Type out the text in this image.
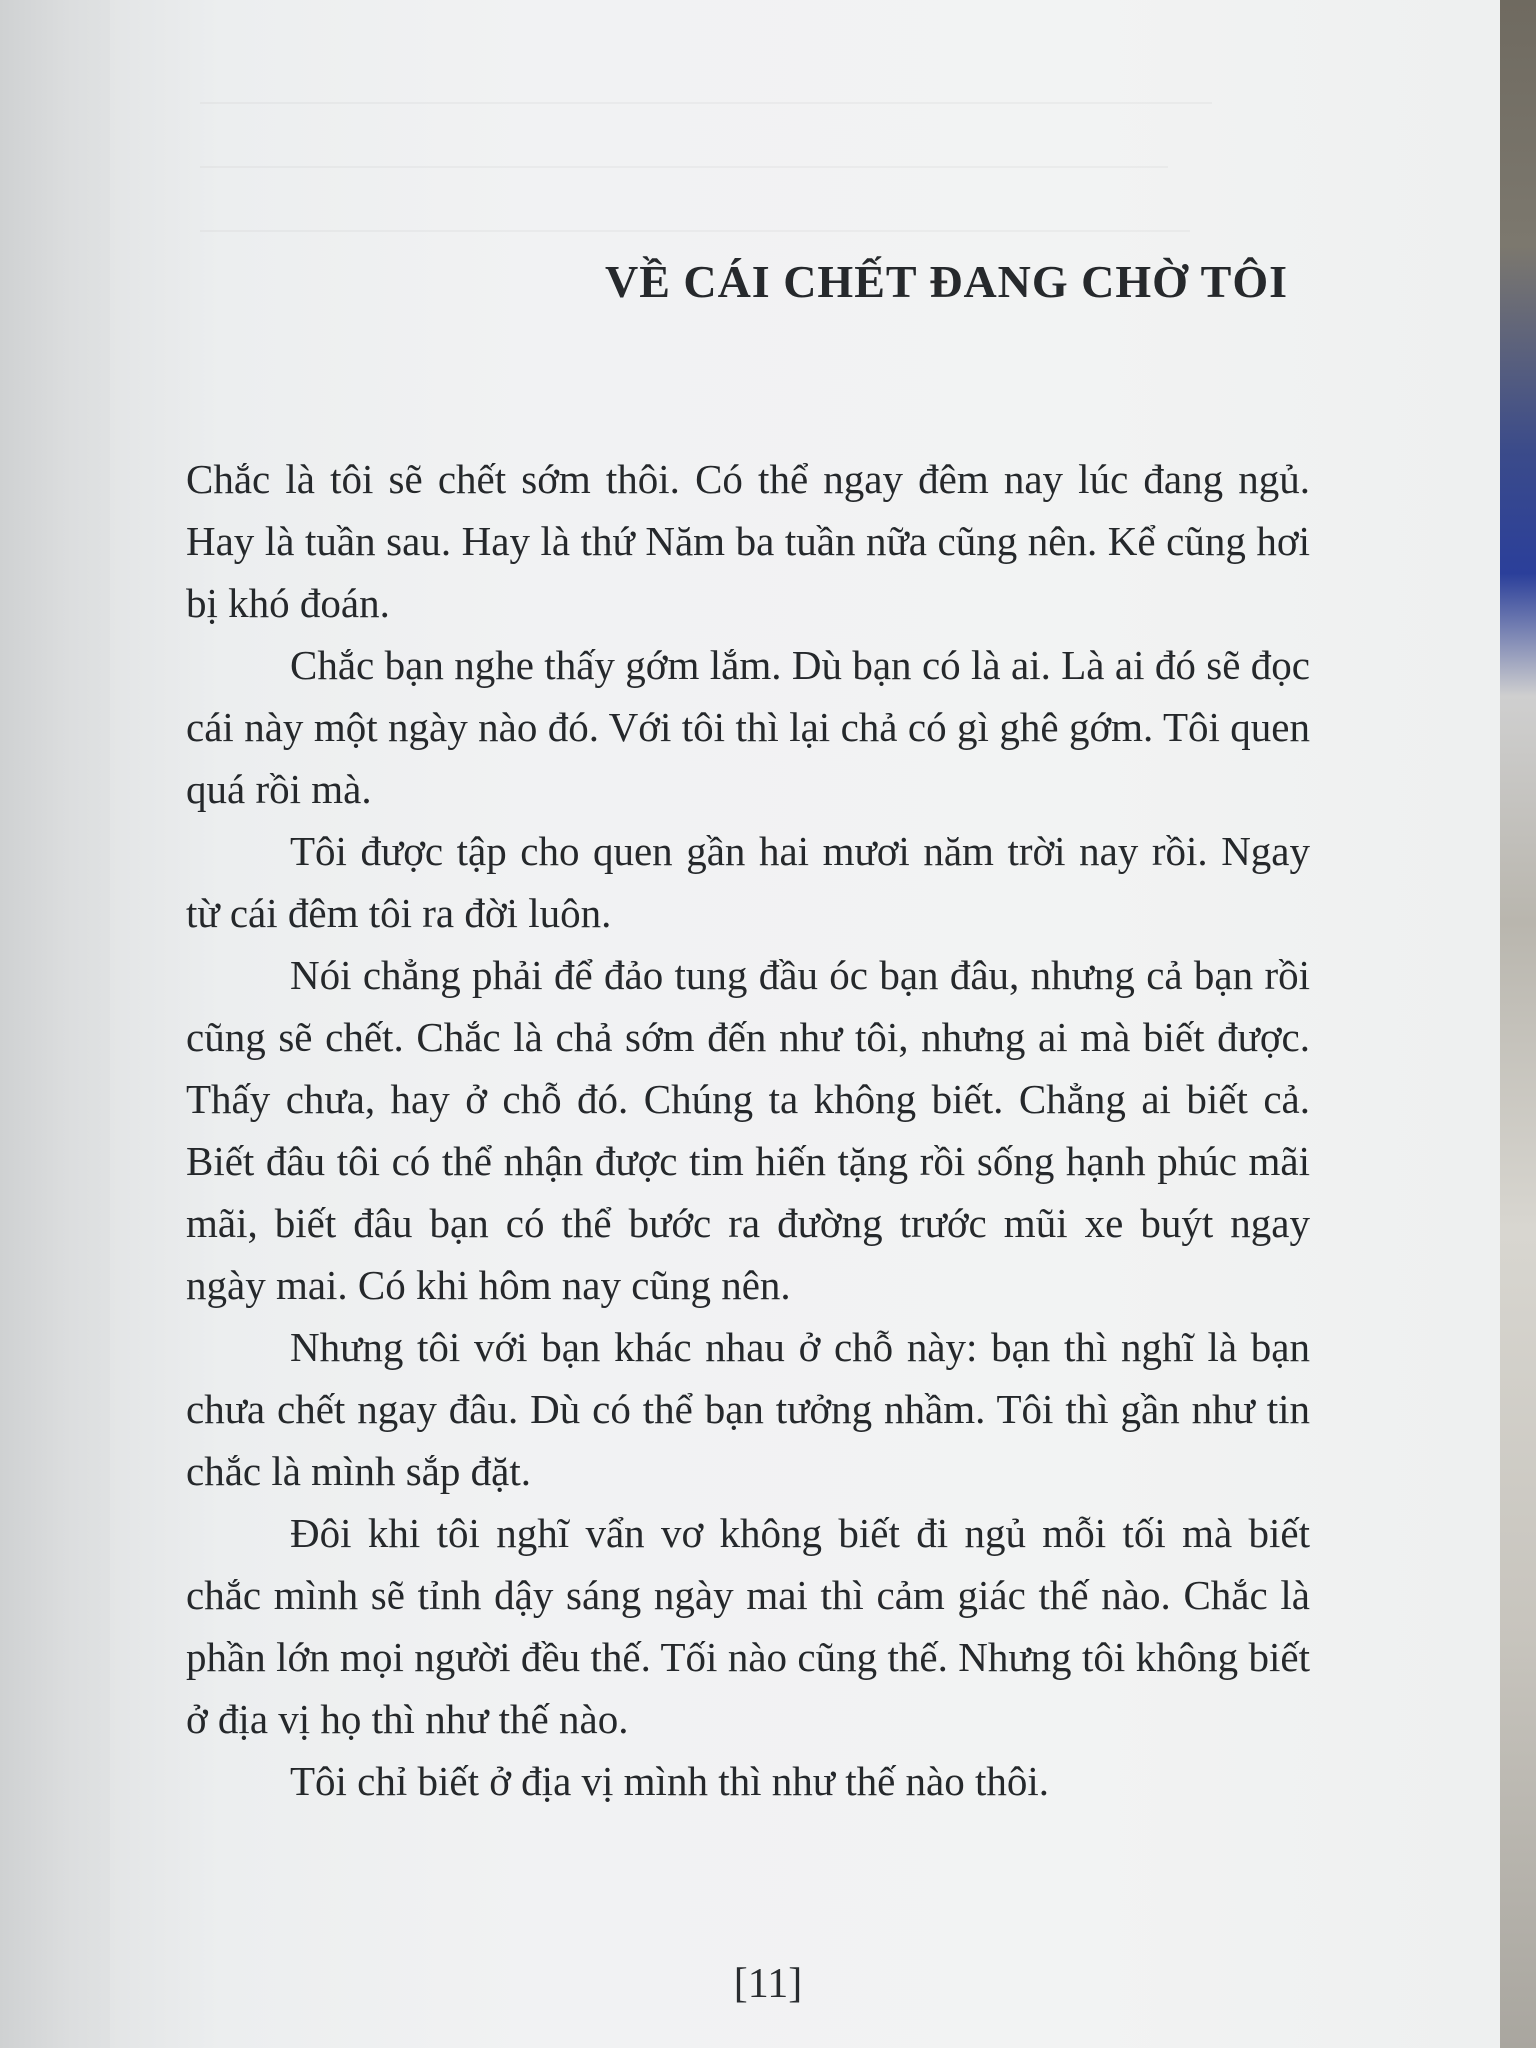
VỀ CÁI CHẾT ĐANG CHỜ TÔI

Chắc là tôi sẽ chết sớm thôi. Có thể ngay đêm nay lúc đang ngủ. Hay là tuần sau. Hay là thứ Năm ba tuần nữa cũng nên. Kể cũng hơi bị khó đoán.

Chắc bạn nghe thấy gớm lắm. Dù bạn có là ai. Là ai đó sẽ đọc cái này một ngày nào đó. Với tôi thì lại chả có gì ghê gớm. Tôi quen quá rồi mà.

Tôi được tập cho quen gần hai mươi năm trời nay rồi. Ngay từ cái đêm tôi ra đời luôn.

Nói chẳng phải để đảo tung đầu óc bạn đâu, nhưng cả bạn rồi cũng sẽ chết. Chắc là chả sớm đến như tôi, nhưng ai mà biết được. Thấy chưa, hay ở chỗ đó. Chúng ta không biết. Chẳng ai biết cả. Biết đâu tôi có thể nhận được tim hiến tặng rồi sống hạnh phúc mãi mãi, biết đâu bạn có thể bước ra đường trước mũi xe buýt ngay ngày mai. Có khi hôm nay cũng nên.

Nhưng tôi với bạn khác nhau ở chỗ này: bạn thì nghĩ là bạn chưa chết ngay đâu. Dù có thể bạn tưởng nhầm. Tôi thì gần như tin chắc là mình sắp đặt.

Đôi khi tôi nghĩ vẩn vơ không biết đi ngủ mỗi tối mà biết chắc mình sẽ tỉnh dậy sáng ngày mai thì cảm giác thế nào. Chắc là phần lớn mọi người đều thế. Tối nào cũng thế. Nhưng tôi không biết ở địa vị họ thì như thế nào.

Tôi chỉ biết ở địa vị mình thì như thế nào thôi.

[11]
